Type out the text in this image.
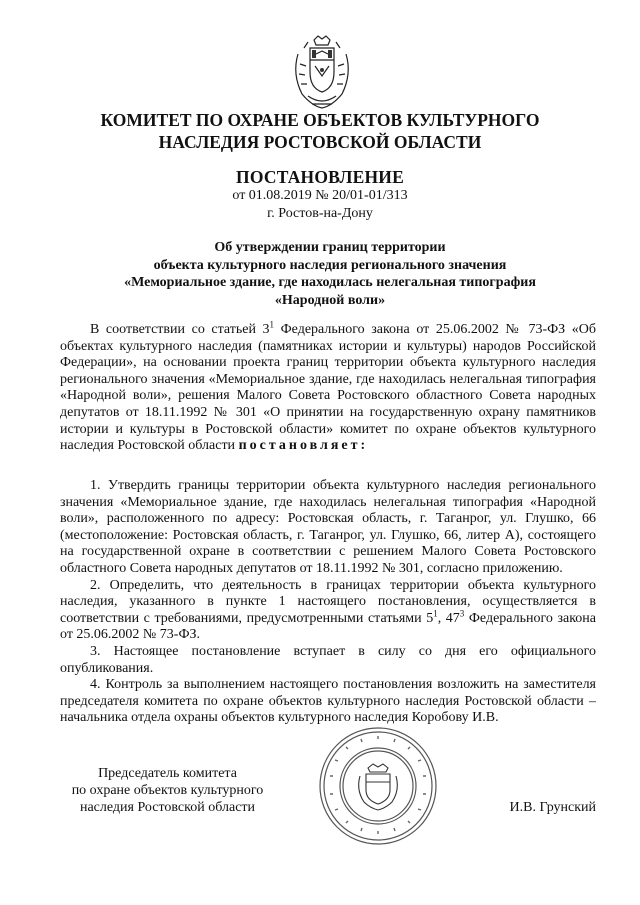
КОМИТЕТ ПО ОХРАНЕ ОБЪЕКТОВ КУЛЬТУРНОГО
НАСЛЕДИЯ РОСТОВСКОЙ ОБЛАСТИ
ПОСТАНОВЛЕНИЕ
от 01.08.2019 № 20/01-01/313
г. Ростов-на-Дону
Об утверждении границ территории
объекта культурного наследия регионального значения
«Мемориальное здание, где находилась нелегальная типография
«Народной воли»

В соответствии со статьей $3^1$ Федерального закона от 25.06.2002 № 73-ФЗ «Об объектах культурного наследия (памятниках истории и культуры) народов Российской Федерации», на основании проекта границ территории объекта культурного наследия регионального значения «Мемориальное здание, где находилась нелегальная типография «Народной воли», решения Малого Совета Ростовского областного Совета народных депутатов от 18.11.1992 № 301 «О принятии на государственную охрану памятников истории и культуры в Ростовской области» комитет по охране объектов культурного наследия Ростовской области постановляет:

1. Утвердить границы территории объекта культурного наследия регионального значения «Мемориальное здание, где находилась нелегальная типография «Народной воли», расположенного по адресу: Ростовская область, г. Таганрог, ул. Глушко, 66 (местоположение: Ростовская область, г. Таганрог, ул. Глушко, 66, литер А), состоящего на государственной охране в соответствии с решением Малого Совета Ростовского областного Совета народных депутатов от 18.11.1992 № 301, согласно приложению.

2. Определить, что деятельность в границах территории объекта культурного наследия, указанного в пункте 1 настоящего постановления, осуществляется в соответствии с требованиями, предусмотренными статьями $5^1$, $47^3$ Федерального закона от 25.06.2002 № 73-ФЗ.

3. Настоящее постановление вступает в силу со дня его официального опубликования.

4. Контроль за выполнением настоящего постановления возложить на заместителя председателя комитета по охране объектов культурного наследия Ростовской области – начальника отдела охраны объектов культурного наследия Коробову И.В.

Председатель комитета
по охране объектов культурного
наследия Ростовской области	И.В. Грунский
